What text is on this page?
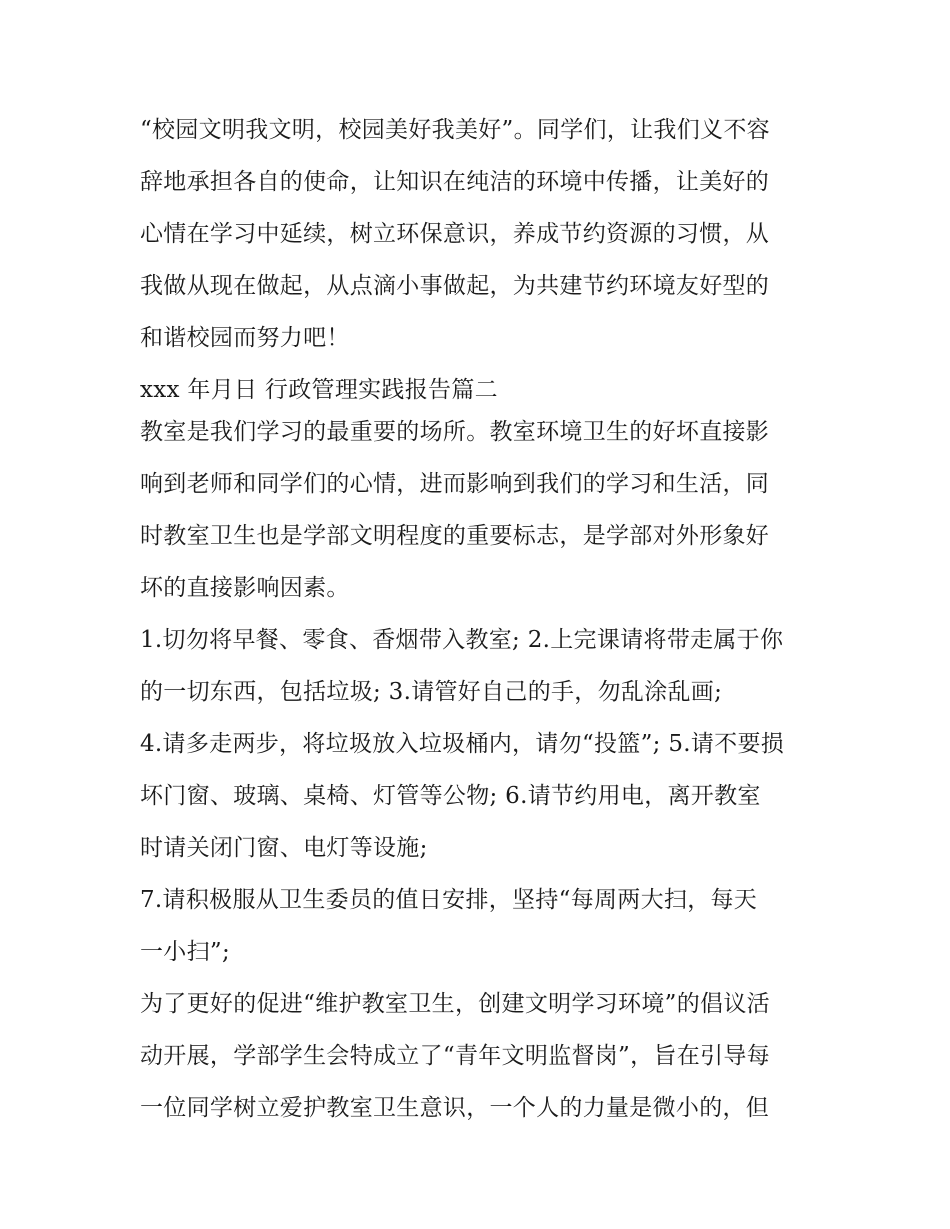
“校园文明我文明，校园美好我美好”。同学们，让我们义不容
辞地承担各自的使命，让知识在纯洁的环境中传播，让美好的
心情在学习中延续，树立环保意识，养成节约资源的习惯，从
我做从现在做起，从点滴小事做起，为共建节约环境友好型的
和谐校园而努力吧！
xxx 年月日 行政管理实践报告篇二
教室是我们学习的最重要的场所。教室环境卫生的好坏直接影
响到老师和同学们的心情，进而影响到我们的学习和生活，同
时教室卫生也是学部文明程度的重要标志，是学部对外形象好
坏的直接影响因素。
1.切勿将早餐、零食、香烟带入教室; 2.上完课请将带走属于你
的一切东西，包括垃圾; 3.请管好自己的手，勿乱涂乱画;
4.请多走两步，将垃圾放入垃圾桶内，请勿“投篮”; 5.请不要损
坏门窗、玻璃、桌椅、灯管等公物; 6.请节约用电，离开教室
时请关闭门窗、电灯等设施;
7.请积极服从卫生委员的值日安排，坚持“每周两大扫，每天
一小扫”;
为了更好的促进“维护教室卫生，创建文明学习环境”的倡议活
动开展，学部学生会特成立了“青年文明监督岗”，旨在引导每
一位同学树立爱护教室卫生意识，一个人的力量是微小的，但
